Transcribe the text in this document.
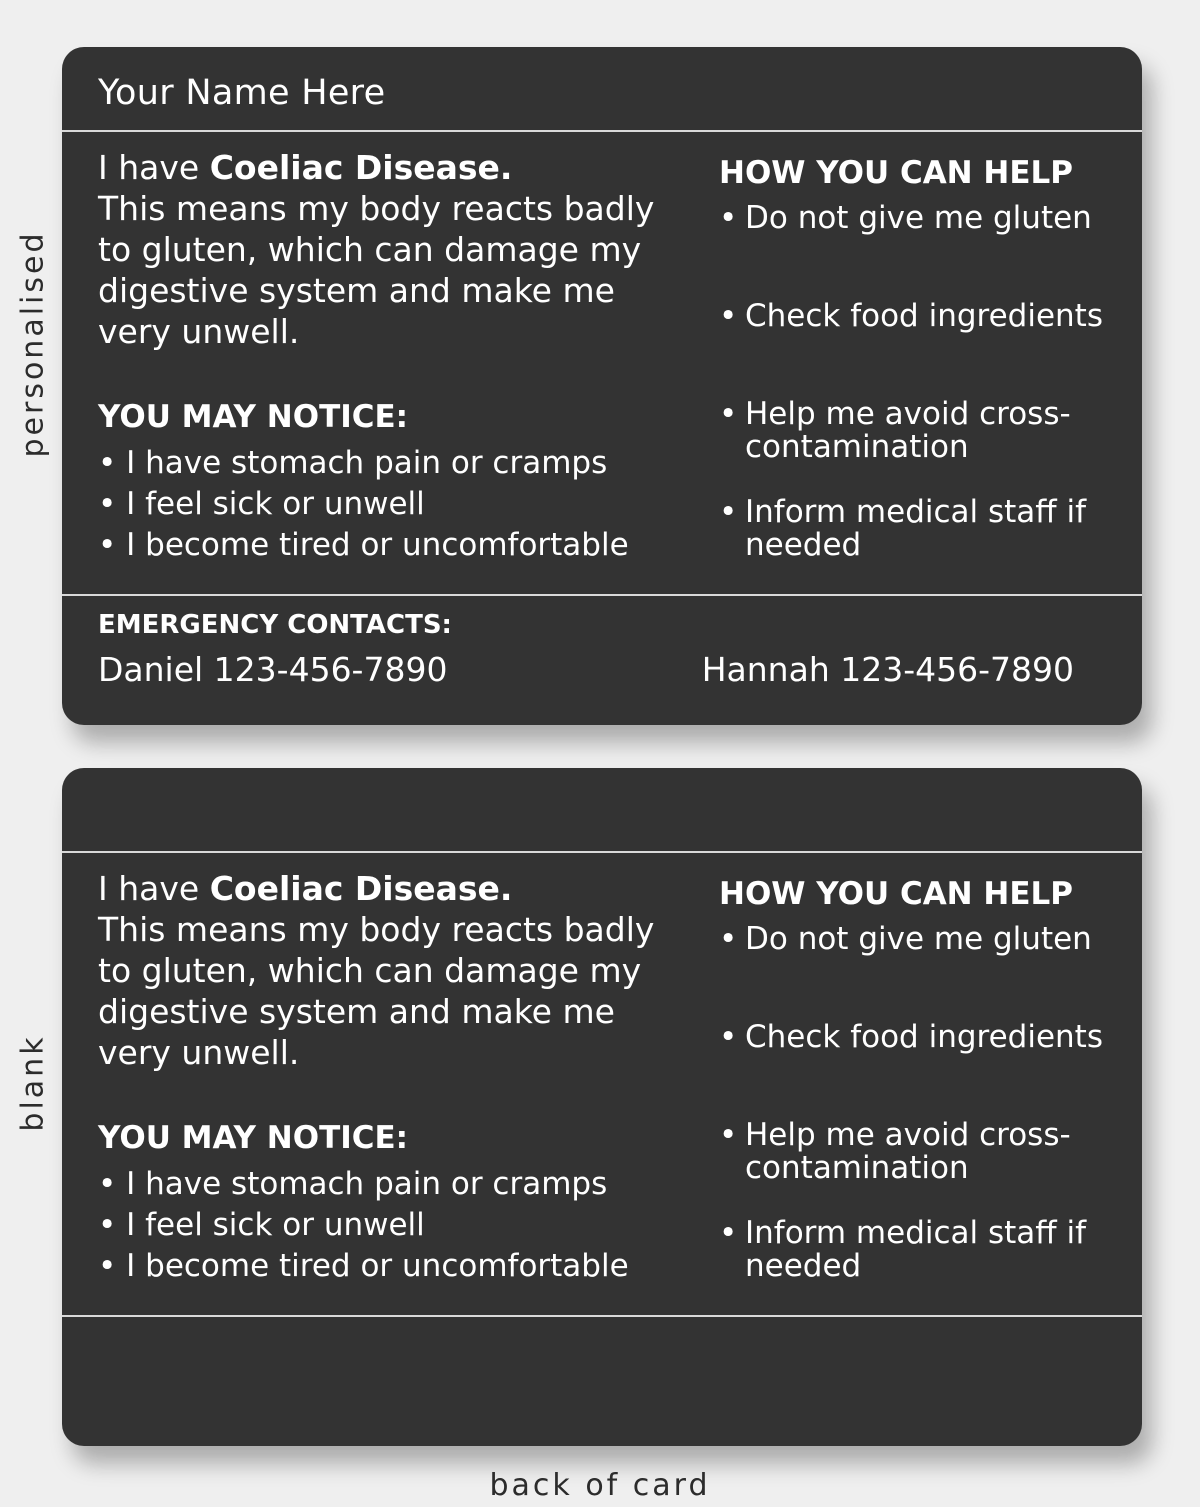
personalised
blank
Your Name Here
I have Coeliac Disease.
This means my body reacts badly to gluten, which can damage my digestive system and make me very unwell.
YOU MAY NOTICE:
• I have stomach pain or cramps
• I feel sick or unwell
• I become tired or uncomfortable
HOW YOU CAN HELP
• Do not give me gluten
• Check food ingredients
• Help me avoid cross-contamination
• Inform medical staff if needed
EMERGENCY CONTACTS:
Daniel 123-456-7890	Hannah 123-456-7890
I have Coeliac Disease.
This means my body reacts badly to gluten, which can damage my digestive system and make me very unwell.
YOU MAY NOTICE:
• I have stomach pain or cramps
• I feel sick or unwell
• I become tired or uncomfortable
HOW YOU CAN HELP
• Do not give me gluten
• Check food ingredients
• Help me avoid cross-contamination
• Inform medical staff if needed
back of card
